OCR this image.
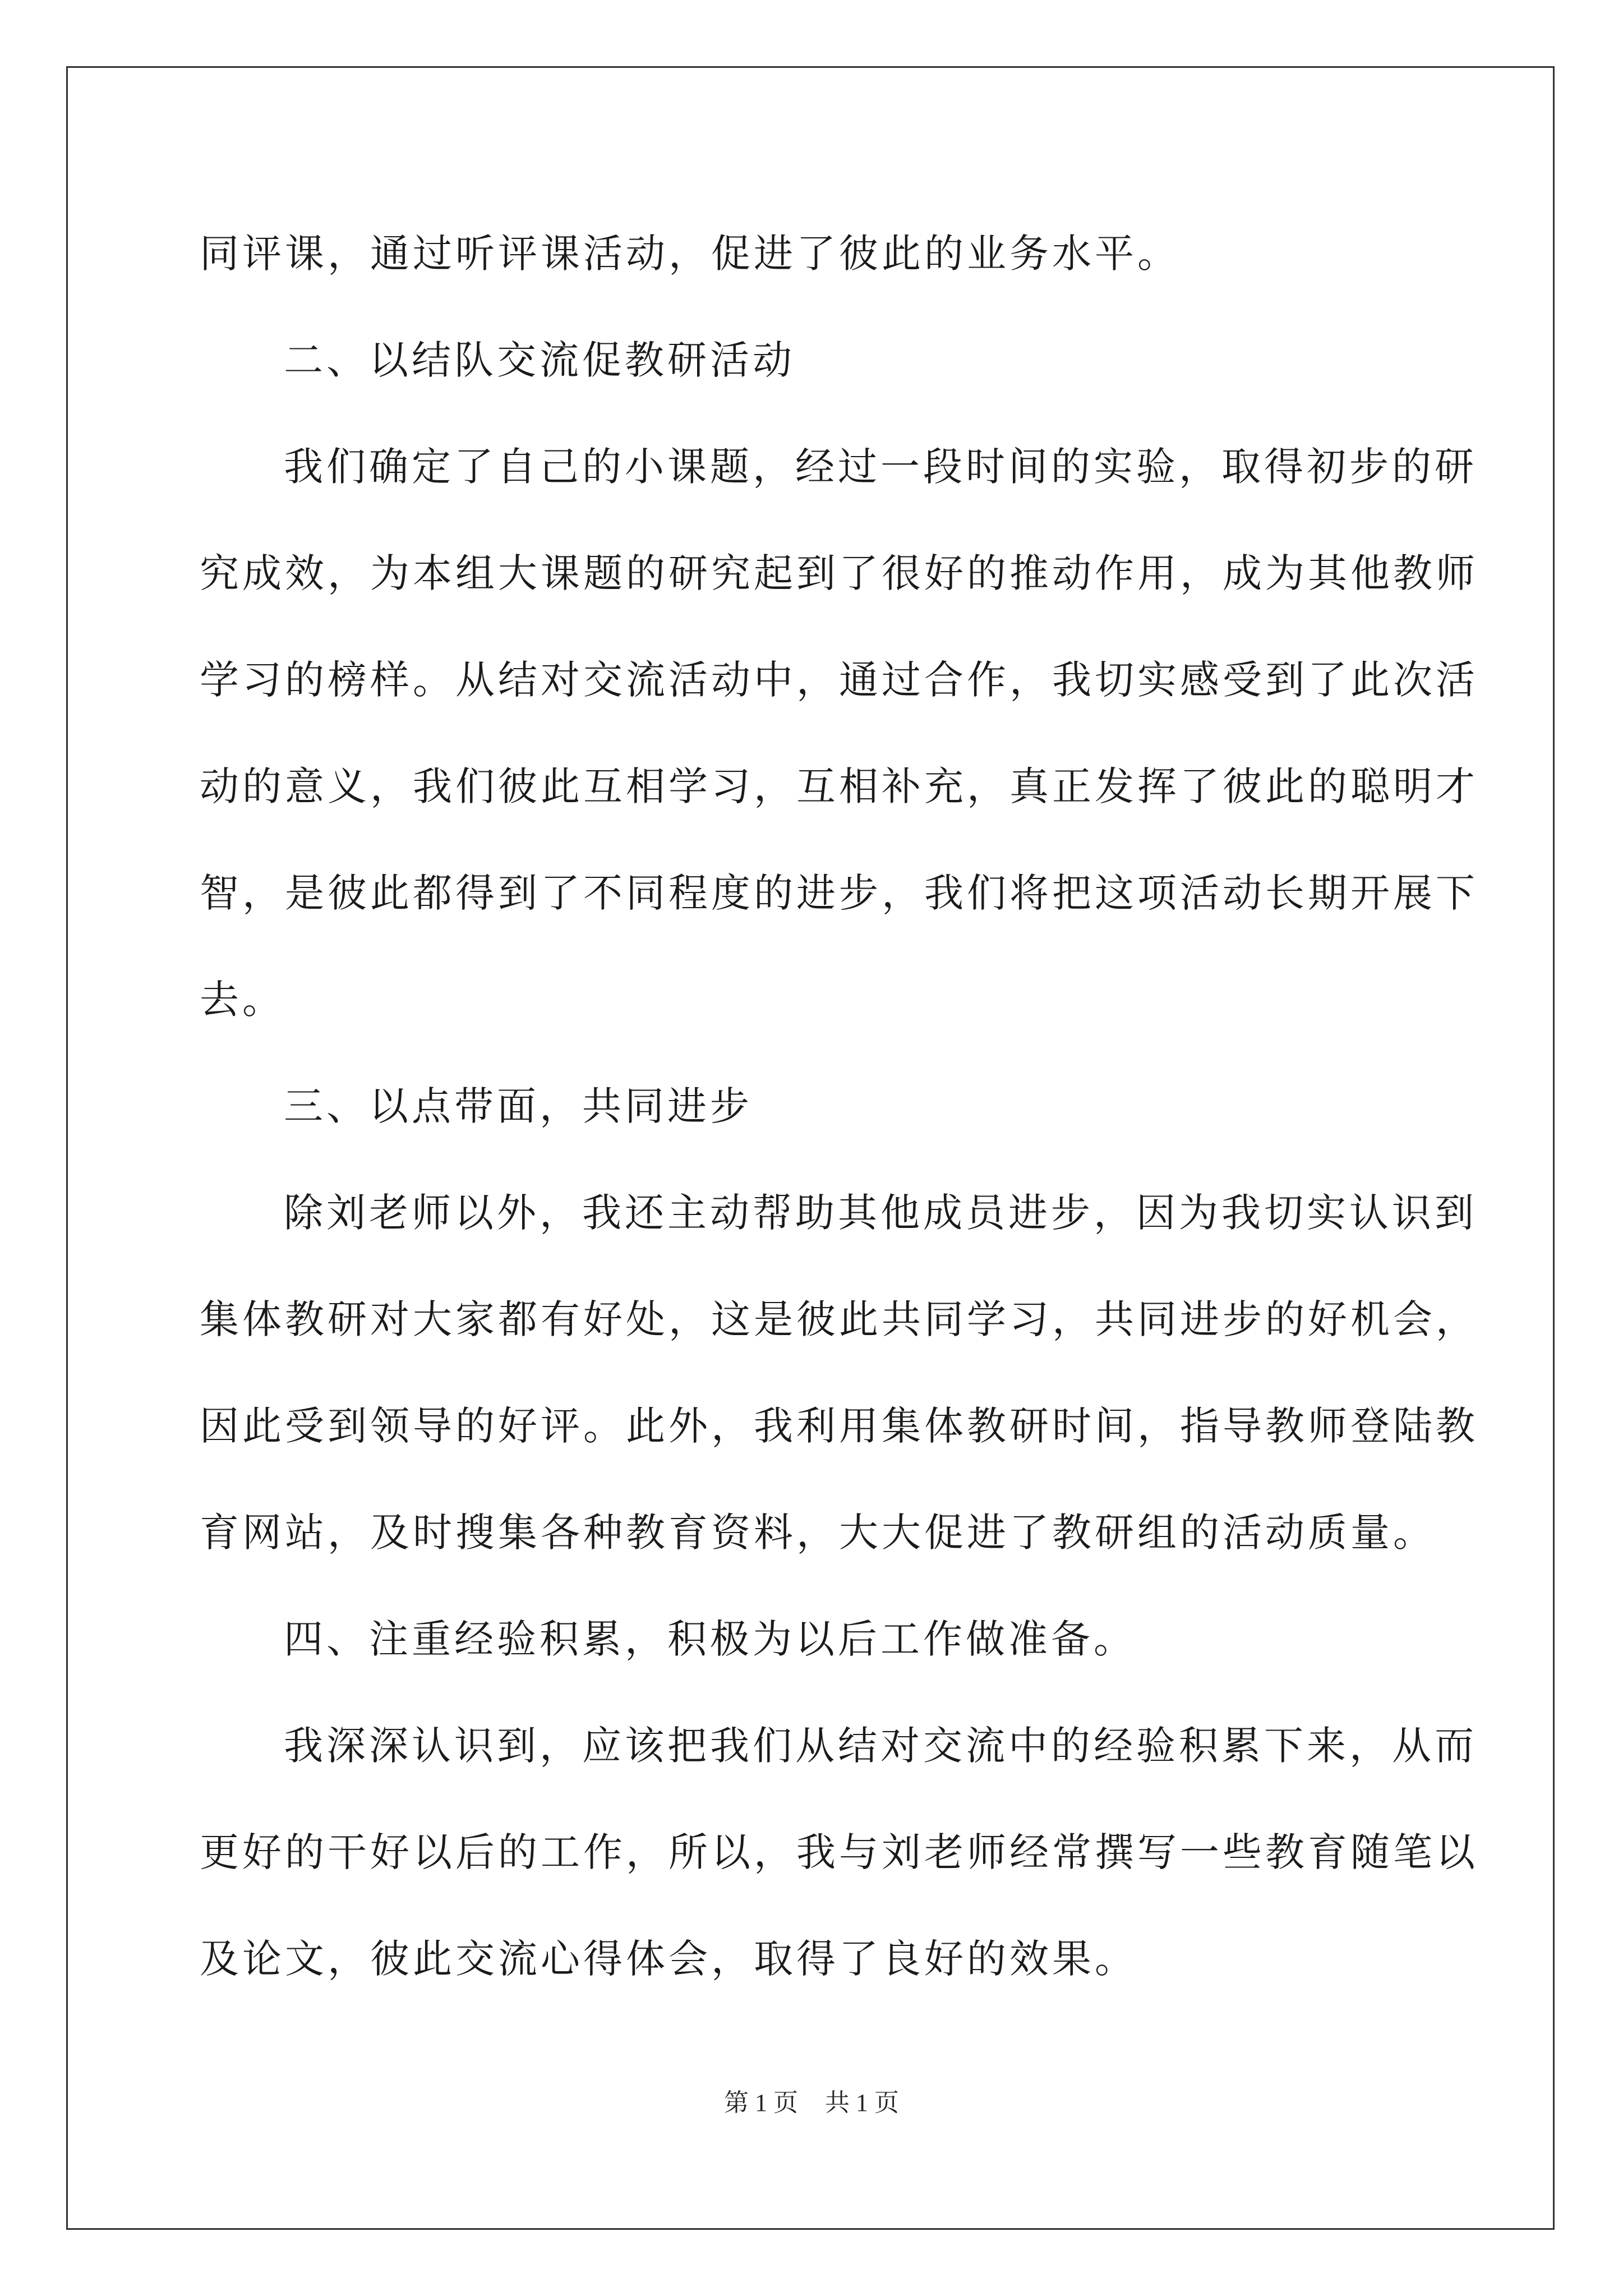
同评课，通过听评课活动，促进了彼此的业务水平。
二、以结队交流促教研活动
我们确定了自己的小课题，经过一段时间的实验，取得初步的研
究成效，为本组大课题的研究起到了很好的推动作用，成为其他教师
学习的榜样。从结对交流活动中，通过合作，我切实感受到了此次活
动的意义，我们彼此互相学习，互相补充，真正发挥了彼此的聪明才
智，是彼此都得到了不同程度的进步，我们将把这项活动长期开展下
去。
三、以点带面，共同进步
除刘老师以外，我还主动帮助其他成员进步，因为我切实认识到
集体教研对大家都有好处，这是彼此共同学习，共同进步的好机会，
因此受到领导的好评。此外，我利用集体教研时间，指导教师登陆教
育网站，及时搜集各种教育资料，大大促进了教研组的活动质量。
四、注重经验积累，积极为以后工作做准备。
我深深认识到，应该把我们从结对交流中的经验积累下来，从而
更好的干好以后的工作，所以，我与刘老师经常撰写一些教育随笔以
及论文，彼此交流心得体会，取得了良好的效果。
第 1 页 共 1 页
